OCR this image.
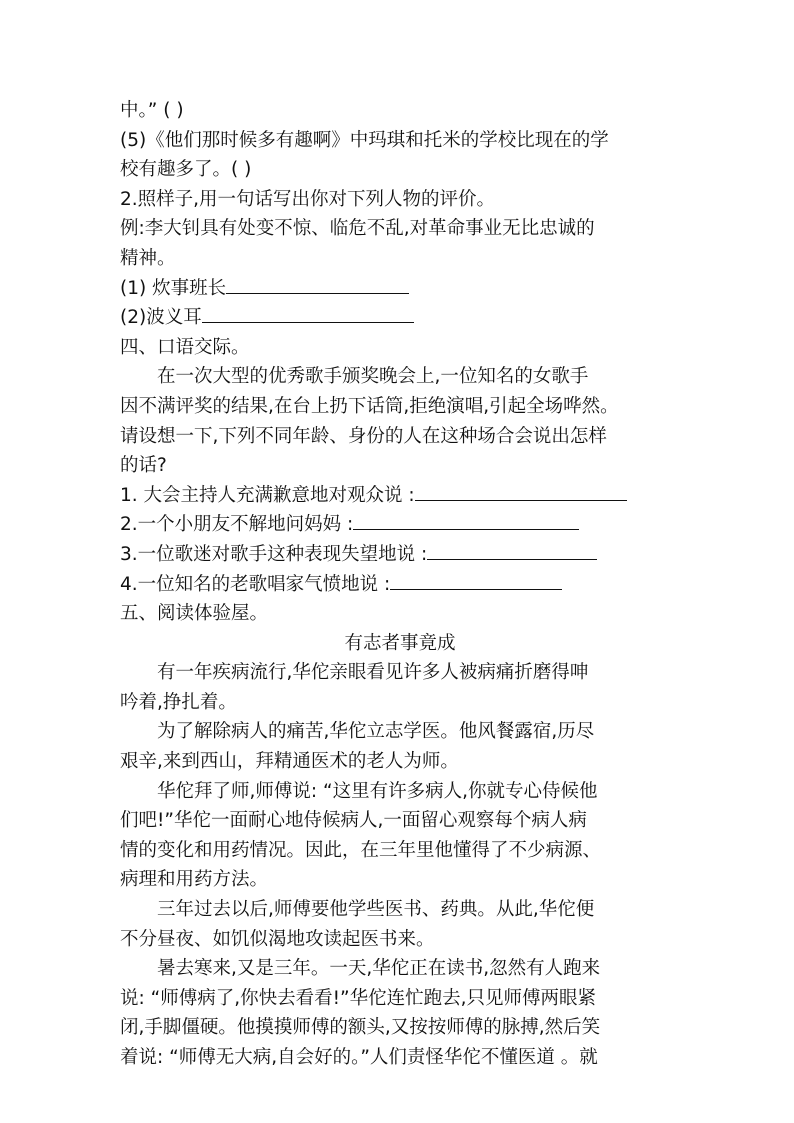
中。” ( )
(5)《他们那时候多有趣啊》中玛琪和托米的学校比现在的学
校有趣多了。( )
2.照样子,用一句话写出你对下列人物的评价。
例:李大钊具有处变不惊、临危不乱,对革命事业无比忠诚的
精神。
(1) 炊事班长
(2)波义耳
四、口语交际。
在一次大型的优秀歌手颁奖晚会上,一位知名的女歌手
因不满评奖的结果,在台上扔下话筒,拒绝演唱,引起全场哗然。
请设想一下,下列不同年龄、身份的人在这种场合会说出怎样
的话?
1. 大会主持人充满歉意地对观众说 :
2.一个小朋友不解地问妈妈 :
3.一位歌迷对歌手这种表现失望地说 :
4.一位知名的老歌唱家气愤地说 :
五、阅读体验屋。
有志者事竟成
有一年疾病流行,华佗亲眼看见许多人被病痛折磨得呻
吟着,挣扎着。
为了解除病人的痛苦,华佗立志学医。他风餐露宿,历尽
艰辛,来到西山，拜精通医术的老人为师。
华佗拜了师,师傅说: “这里有许多病人,你就专心侍候他
们吧!”华佗一面耐心地侍候病人,一面留心观察每个病人病
情的变化和用药情况。因此，在三年里他懂得了不少病源、
病理和用药方法。
三年过去以后,师傅要他学些医书、药典。从此,华佗便
不分昼夜、如饥似渴地攻读起医书来。
暑去寒来,又是三年。一天,华佗正在读书,忽然有人跑来
说: “师傅病了,你快去看看!”华佗连忙跑去,只见师傅两眼紧
闭,手脚僵硬。他摸摸师傅的额头,又按按师傅的脉搏,然后笑
着说: “师傅无大病,自会好的。”人们责怪华佗不懂医道 。就
